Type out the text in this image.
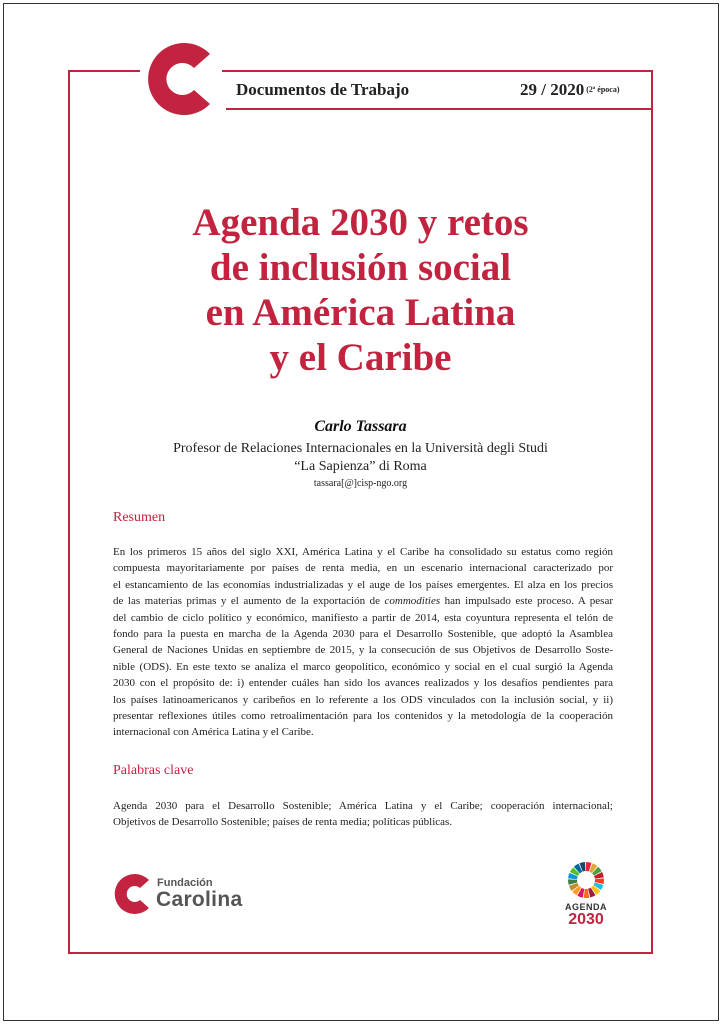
Documentos de Trabajo	29 / 2020 (2ª época)
Agenda 2030 y retos
de inclusión social
en América Latina
y el Caribe
Carlo Tassara
Profesor de Relaciones Internacionales en la Università degli Studi
“La Sapienza” di Roma
tassara[@]cisp-ngo.org
Resumen
En los primeros 15 años del siglo XXI, América Latina y el Caribe ha consolidado su estatus como región
compuesta mayoritariamente por países de renta media, en un escenario internacional caracterizado por
el estancamiento de las economías industrializadas y el auge de los países emergentes. El alza en los precios
de las materias primas y el aumento de la exportación de commodities han impulsado este proceso. A pesar
del cambio de ciclo político y económico, manifiesto a partir de 2014, esta coyuntura representa el telón de
fondo para la puesta en marcha de la Agenda 2030 para el Desarrollo Sostenible, que adoptó la Asamblea
General de Naciones Unidas en septiembre de 2015, y la consecución de sus Objetivos de Desarrollo Soste-
nible (ODS). En este texto se analiza el marco geopolítico, económico y social en el cual surgió la Agenda
2030 con el propósito de: i) entender cuáles han sido los avances realizados y los desafíos pendientes para
los países latinoamericanos y caribeños en lo referente a los ODS vinculados con la inclusión social, y ii)
presentar reflexiones útiles como retroalimentación para los contenidos y la metodología de la cooperación
internacional con América Latina y el Caribe.
Palabras clave
Agenda 2030 para el Desarrollo Sostenible; América Latina y el Caribe; cooperación internacional;
Objetivos de Desarrollo Sostenible; países de renta media; políticas públicas.
Fundación
Carolina	AGENDA
2030
